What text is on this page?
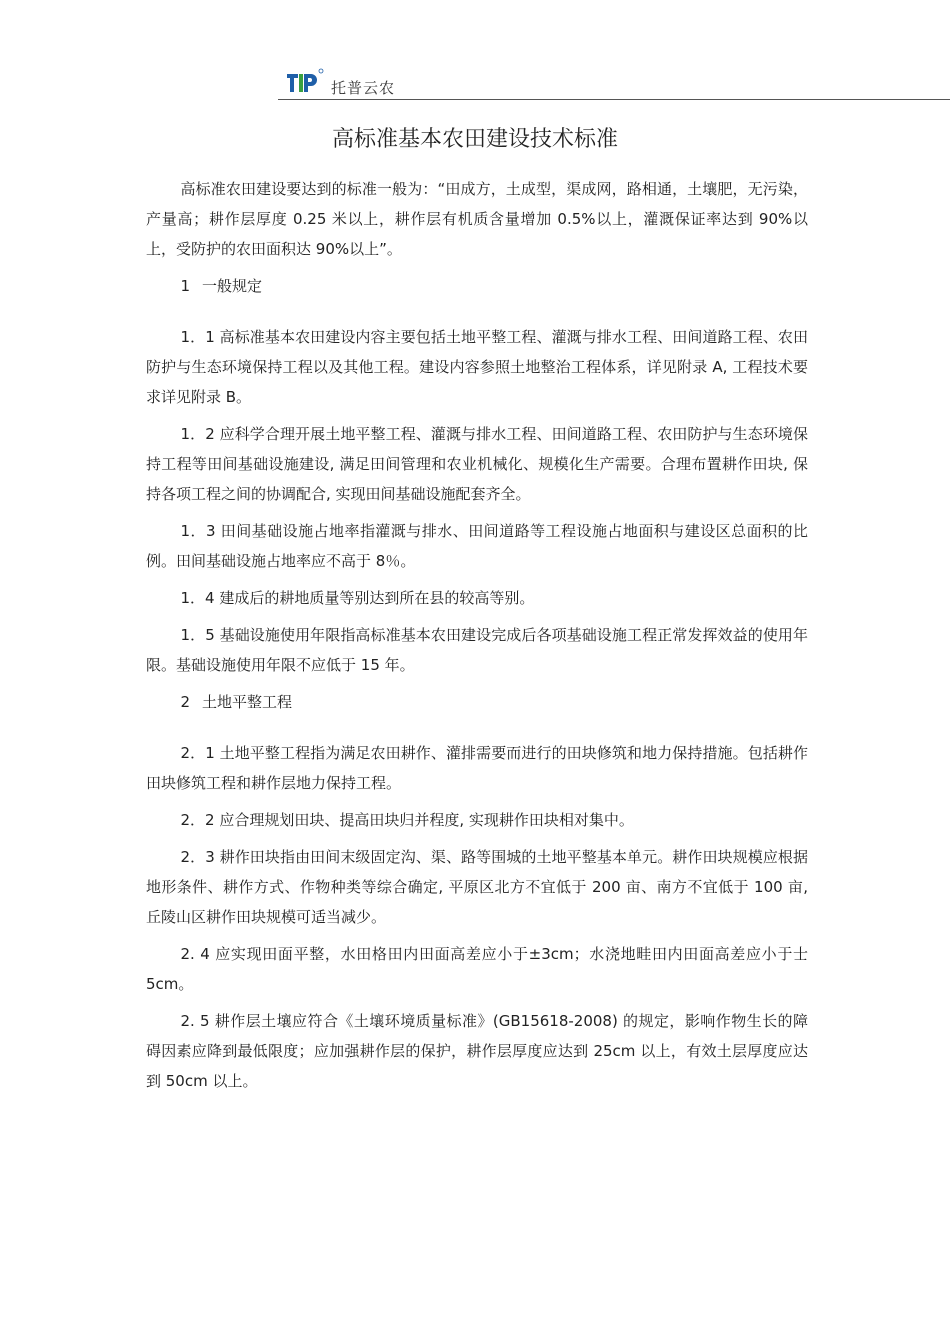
托普云农
高标准基本农田建设技术标准

高标准农田建设要达到的标准一般为：“田成方，土成型，渠成网，路相通，土壤肥，无污染，产量高；耕作层厚度 0.25 米以上，耕作层有机质含量增加 0.5%以上，灌溉保证率达到 90%以上，受防护的农田面积达 90%以上”。

1 一般规定

1．1 高标准基本农田建设内容主要包括土地平整工程、灌溉与排水工程、田间道路工程、农田防护与生态环境保持工程以及其他工程。建设内容参照土地整治工程体系，详见附录 A, 工程技术要求详见附录 B。

1．2 应科学合理开展土地平整工程、灌溉与排水工程、田间道路工程、农田防护与生态环境保持工程等田间基础设施建设, 满足田间管理和农业机械化、规模化生产需要。合理布置耕作田块, 保持各项工程之间的协调配合, 实现田间基础设施配套齐全。

1．3 田间基础设施占地率指灌溉与排水、田间道路等工程设施占地面积与建设区总面积的比例。田间基础设施占地率应不高于 8％。

1．4 建成后的耕地质量等别达到所在县的较高等别。

1．5 基础设施使用年限指高标准基本农田建设完成后各项基础设施工程正常发挥效益的使用年限。基础设施使用年限不应低于 15 年。

2 土地平整工程

2．1 土地平整工程指为满足农田耕作、灌排需要而进行的田块修筑和地力保持措施。包括耕作田块修筑工程和耕作层地力保持工程。

2．2 应合理规划田块、提高田块归并程度, 实现耕作田块相对集中。

2．3 耕作田块指由田间末级固定沟、渠、路等围城的土地平整基本单元。耕作田块规模应根据地形条件、耕作方式、作物种类等综合确定, 平原区北方不宜低于 200 亩、南方不宜低于 100 亩, 丘陵山区耕作田块规模可适当减少。

2. 4 应实现田面平整，水田格田内田面高差应小于±3cm；水浇地畦田内田面高差应小于士 5cm。

2. 5 耕作层土壤应符合《土壤环境质量标准》(GB15618-2008) 的规定，影响作物生长的障碍因素应降到最低限度；应加强耕作层的保护，耕作层厚度应达到 25cm 以上，有效土层厚度应达到 50cm 以上。
